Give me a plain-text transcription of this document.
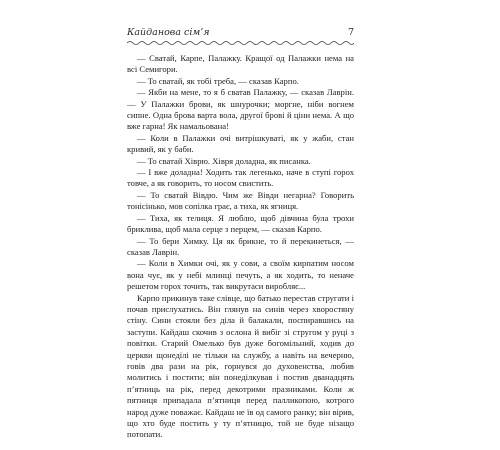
Кайданова сім’я	7

— Сватай, Карпе, Палажку. Кращої од Палажки нема на всі Семигори.

— То сватай, як тобі треба, — сказав Карпо.

— Якби на мене, то я б сватав Палажку, — сказав Лаврін. — У Палажки брови, як шнурочки; моргне, ніби вогнем сипне. Одна брова варта вола, другої брові й ціни нема. А що вже гарна! Як намальована!

— Коли в Палажки очі витрішкуваті, як у жаби, стан кривий, як у баби.

— То сватай Хіврю. Хівря доладна, як писанка.

— І вже доладна! Ходить так легенько, наче в ступі горох товче, а як говорить, то носом свистить.

— То сватай Вівдю. Чим же Вівди негарна? Говорить тонісінько, мов сопілка грає, а тиха, як ягниця.

— Тиха, як телиця. Я люблю, щоб дівчина була трохи бриклива, щоб мала серце з перцем, — сказав Карпо.

— То бери Химку. Ця як брикне, то й перекинеться, — сказав Лаврін.

— Коли в Химки очі, як у сови, а своїм кирпатим носом вона чує, як у небі млинці печуть, а як ходить, то неначе решетом горох точить, так викрутаси виробляє...

Карпо прикинув таке слівце, що батько перестав стругати і почав прислухатись. Він глянув на синів через хворостяну стіну. Сини стояли без діла й балакали, поспиравшись на заступи. Кайдаш скочив з ослона й вибіг зі стругом у руці з повітки. Старий Омелько був дуже богомільний, ходив до церкви щонеділі не тільки на службу, а навіть на вечерню, говів два рази на рік, горнувся до духовенства, любив молитись і постити; він понеділкував і постив дванадцять п’ятниць на рік, перед декотрими празниками. Коли ж пятниця припадала п’ятниця перед палликопою, котрого народ дуже поважає. Кайдаш не їв од самого ранку; він вірив, що хто буде постить у ту п’ятницю, той не буде нізащо потопати.
